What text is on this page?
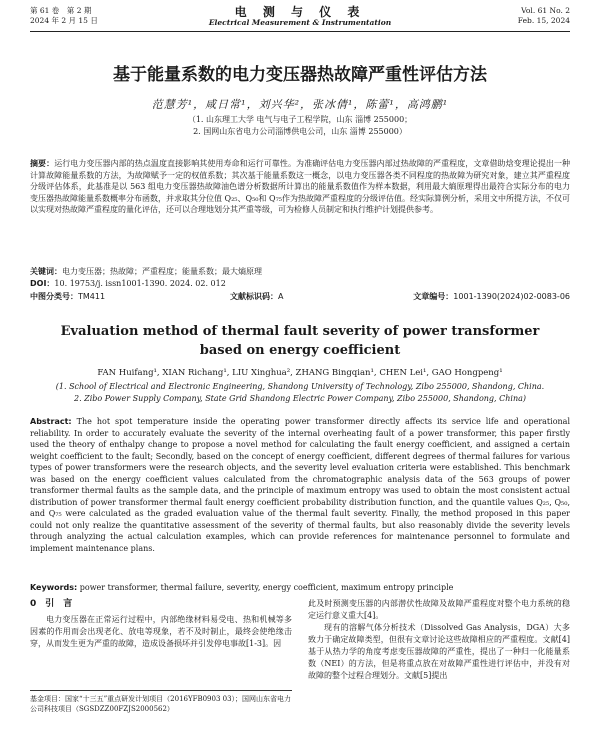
第 61 卷　第 2 期
2024 年 2 月 15 日
电 测 与 仪 表
Electrical Measurement & Instrumentation
Vol. 61 No. 2
Feb. 15, 2024
基于能量系数的电力变压器热故障严重性评估方法
范慧芳¹，咸日常¹，刘兴华²，张冰倩¹，陈蕾¹，高鸿鹏¹
（1. 山东理工大学 电气与电子工程学院，山东 淄博 255000；
2. 国网山东省电力公司淄博供电公司，山东 淄博 255000）
摘要：运行电力变压器内部的热点温度直接影响其使用寿命和运行可靠性。为准确评估电力变压器内部过热故障的严重程度，文章借助焓变理论提出一种计算故障能量系数的方法，为故障赋予一定的权值系数；其次基于能量系数这一概念，以电力变压器各类不同程度的热故障为研究对象，建立其严重程度分级评估体系，此基准是以 563 组电力变压器热故障油色谱分析数据所计算出的能量系数值作为样本数据，利用最大熵原理得出最符合实际分布的电力变压器热故障能量系数概率分布函数，并求取其分位值 Q₂₅、Q₅₀和 Q₇₅作为热故障严重程度的分级评估值。经实际算例分析，采用文中所提方法，不仅可以实现对热故障严重程度的量化评估，还可以合理地划分其严重等级，可为检修人员制定和执行维护计划提供参考。
关键词：电力变压器；热故障；严重程度；能量系数；最大熵原理
DOI：10. 19753/j. issn1001-1390. 2024. 02. 012
中图分类号：TM411	文献标识码：A	文章编号：1001-1390(2024)02-0083-06
Evaluation method of thermal fault severity of power transformer
based on energy coefficient
FAN Huifang¹, XIAN Richang¹, LIU Xinghua², ZHANG Bingqian¹, CHEN Lei¹, GAO Hongpeng¹
(1. School of Electrical and Electronic Engineering, Shandong University of Technology, Zibo 255000, Shandong, China.
2. Zibo Power Supply Company, State Grid Shandong Electric Power Company, Zibo 255000, Shandong, China)
Abstract: The hot spot temperature inside the operating power transformer directly affects its service life and operational reliability. In order to accurately evaluate the severity of the internal overheating fault of a power transformer, this paper firstly used the theory of enthalpy change to propose a novel method for calculating the fault energy coefficient, and assigned a certain weight coefficient to the fault; Secondly, based on the concept of energy coefficient, different degrees of thermal failures for various types of power transformers were the research objects, and the severity level evaluation criteria were established. This benchmark was based on the energy coefficient values calculated from the chromatographic analysis data of the 563 groups of power transformer thermal faults as the sample data, and the principle of maximum entropy was used to obtain the most consistent actual distribution of power transformer thermal fault energy coefficient probability distribution function, and the quantile values Q₂₅, Q₅₀, and Q₇₅ were calculated as the graded evaluation value of the thermal fault severity. Finally, the method proposed in this paper could not only realize the quantitative assessment of the severity of thermal faults, but also reasonably divide the severity levels through analyzing the actual calculation examples, which can provide references for maintenance personnel to formulate and implement maintenance plans.
Keywords: power transformer, thermal failure, severity, energy coefficient, maximum entropy principle
0　引　言

电力变压器在正常运行过程中，内部绝缘材料易受电、热和机械等多因素的作用而会出现老化、放电等现象，若不及时制止，最终会使绝缘击穿，从而发生更为严重的故障，造成设备损坏并引发停电事故[1-3]。因

基金项目：国家“十三五”重点研发计划项目（2016YFB0903 03）；国网山东省电力公司科技项目（SGSDZZ00FZJS2000562）

此及时预测变压器的内部潜伏性故障及故障严重程度对整个电力系统的稳定运行意义重大[4]。

现有的溶解气体分析技术（Dissolved Gas Analysis，DGA）大多致力于确定故障类型，但很有文章讨论这些故障相应的严重程度。文献[4]基于从热力学的角度考虑变压器故障的严重性，提出了一种归一化能量系数（NEI）的方法，但是将重点放在对故障严重性进行评估中，并没有对故障的整个过程合理划分。文献[5]提出
